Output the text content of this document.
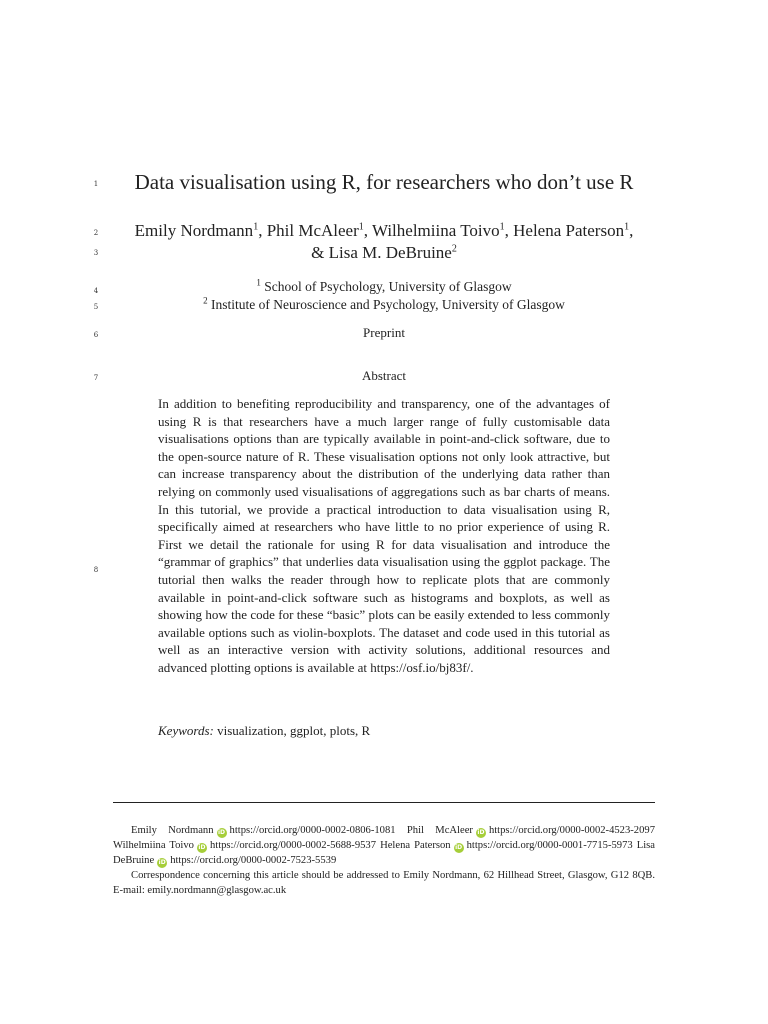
1
2
3
4
5
6
7
8
Data visualisation using R, for researchers who don’t use R
Emily Nordmann$^1$, Phil McAleer$^1$, Wilhelmiina Toivo$^1$, Helena Paterson$^1$, & Lisa M. DeBruine$^2$
$^1$ School of Psychology, University of Glasgow
$^2$ Institute of Neuroscience and Psychology, University of Glasgow
Preprint
Abstract
In addition to benefiting reproducibility and transparency, one of the advantages of using R is that researchers have a much larger range of fully customisable data visualisations options than are typically available in point-and-click software, due to the open-source nature of R. These visualisation options not only look attractive, but can increase transparency about the distribution of the underlying data rather than relying on commonly used visualisations of aggregations such as bar charts of means. In this tutorial, we provide a practical introduction to data visualisation using R, specifically aimed at researchers who have little to no prior experience of using R. First we detail the rationale for using R for data visualisation and introduce the “grammar of graphics” that underlies data visualisation using the ggplot package. The tutorial then walks the reader through how to replicate plots that are commonly available in point-and-click software such as histograms and boxplots, as well as showing how the code for these “basic” plots can be easily extended to less commonly available options such as violin-boxplots. The dataset and code used in this tutorial as well as an interactive version with activity solutions, additional resources and advanced plotting options is available at https://osf.io/bj83f/.
Keywords: visualization, ggplot, plots, R

Emily Nordmann iD https://orcid.org/0000-0002-0806-1081 Phil McAleer iD https://orcid.org/0000-0002-4523-2097 Wilhelmiina Toivo iD https://orcid.org/0000-0002-5688-9537 Helena Paterson iD https://orcid.org/0000-0001-7715-5973 Lisa DeBruine iD https://orcid.org/0000-0002-7523-5539

Correspondence concerning this article should be addressed to Emily Nordmann, 62 Hillhead Street, Glasgow, G12 8QB. E-mail: emily.nordmann@glasgow.ac.uk
